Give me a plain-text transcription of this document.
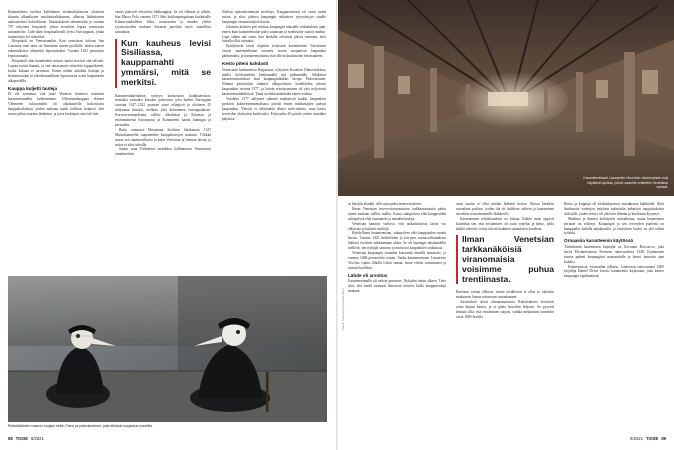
Ensimmäisen tuolista kyllätämen erisämukiylanoon aloittivat islamin alkuaikojen muslimivaltakunnat, alkavaa lääketieteen auktoriteettiä kokeellisesti. Damaskoksen rakennettiin jo vuonna 707 erityinen hospitaali, johon eristettiin lepraa sairastavia sairaanhoito. Lähi-itään hospitaalimalli levisi Eurooppaan, jonka tuonnostaja vei ristiretket.

Hospitaali on Venetsiaankin. Kun ventsiassa kokous San Lazzaron saari nimi sai Armenian saaren pysäkille, niiden saaren rakennuksissa aloitettiin leprasairaalat. Vuonna 1182 perustettu lepraasairaala.

Hospitaali oliat karanteenin esiaste, mutta erosivat sitä selvästi. Lepraa tarttui hitaasti, ja sitä sairastaneet eristettiin loppuiäkseen, koska kukaan ei tarvinnut. Ennen näihin aikoihin hoitajat ja hoitomuotojen ja yhteiskunnallinen leprosaariot usein kaupunkien ulkopuolella.

Kauppa kuljetti tauteja

Ei ole sattumaa, että juuri Venetsia kiinnosti toimivan karanteenimallin kehittäminen. Ulkomaankauppaa eläneet Välimeren tuksuomahit oli aikakaudella kukoistavia kauppakeskuksia, joiden mukana taudit kulkivat helposti. Sen nousu jatkui suurena lääkärinä, ja jossa keskiajan rutto tuli heti.

vautta pääsivät erityisesti lähikauppaa. Se oli vilkasta jo silloin, kun Marco Polo vuonna 1271 lähti kotikaupungistaan kuuluisalle Kiinan-matkalleen. Siksi, mautssatien ja maiden yleiltä syystuottoiden mukana Aasiasta pureihin myös vaarallisia sairauksia.

Kun kauheus levisi Sisiliassa, kauppamahti ymmärsi, mitä se merkitsi.

Karanteenikäytännön syntyyn kannostava kuukkaaviston, mustaksi surmaksi kutsuttu paiserutto, joka hurlitti Eurooppaa vuosina 1347–1352 psuoran suuri eläinjyvä ja aloitteen 25 miljoonaa ihmistä, melkein joka kolmannen eurooppalaisen. Koronavirusepidemia vallitsi ulkoilman ja Kiinassa ja ensimmäisestä Euroopassa ja Karanteenit kautta kuningas ja perustettu.

Rutto rantautui Messinaan Sisiliaan lokakuussa 1347 Mustaltamereltä saapuneiden kauppalaivojen mukana. Välikkä saarta sen ruumisvaltiosta ja kaksi Venetsian ja Genuan laivaa, ja ruttoa ei siksi tuhoilla.

Sauttu osaa Välimeren rannikkoa hallinneessa Venetsiassa ymmärrettiin

Sisilian epäonnistumisen merkitys. Kauppasiirtosta oli vaara saada ruttoa, ja siksi johtava kaupungin ratkaiseva tyytyväisyys sinulle kaupungin vastaanottajien kautta.

Jokaisen aluksen piti odottaa kaupungin edustalla tutkimuksen ajan, ennen kuin karanteenialue pääsi satamaan ja miehistöäe saattoi maihin. Lupa siihen tuli vasta, kun henkilöt odottivat päivät varmana, ettei laivalla ollut sairautta.

Epäilyttävät laivat ohjattiin erityiseen karanteeniin. Varottomat ottivat tuotemerkitaan ottaneet, mutta suojautivat kaupunkia pahimmalta, ja karanteenialueita avat ollivat kuukausien tietoisuuteen.

Kesto piteni kahdasti

Venetsiaan kuuluneessa Ragusassa, nykyisen Kroatian Dubrovnikissa, mallia hyödynnettiin kehittämällä sitä pidemmälle. Sikäläiset karanteeniasetukset laati kaupunginlääkäri Jacopo Padovalainen. Niinmä perustettiin säännöt ulkopuolisten henkilöiden tulosta kaupunkiin vuonna 1377, ja laitoin eristäytyminen oli yksi nykyisistä karanteenisäädöksistä. Tämä on ehkä määräaika ennen vanhaa.

Vuodelta 1377 säilyneet säännöt määräsivät kaikki kaupunkiin pyrkivät kolmekymmentäkuusi päivää ennen matkustajien pääsyä kaupunkiin. Yhteisö ei välttämättä tehnyt rutto-ohjetta, vaan katsoi terveyden yksityisen kuuluvaksi. Eristysaika 40 päivää voitiin rannikko paljaissa.

Ruttolääkärien naamio suojasi heitä. Paino ja pukeutuminen, joita alkoivat suojautua maskilla.
58 TIEDE 6/2021
Karanteenisaari Lazzaretto Vecchion rakennukset ovat näyttämö ajoista, jolloin saarelle eristettiin Venetsian sairaat.
Kuvat: Tiede-lehti ja kuvatoimistot

se käyttiin altaalle, sillä rutto pääsi monen keskeen.

Ilman Venetsian terveysviranomaisten tarkkaavaisuutta pahin juuttu mukaan vallitsi mallia. Kuusi sukupolvea elää kauppiaiden sukupolvea elää vaaranneet ja ennakkoluuloja.

Venetsian kanavat vahvisti, että tarkastuksessa laivat voi ulkoistaa ja käyttää sisältöjä.

Hyödyllinen karanteeniaan, sukupolvea elää kauppiaiden monta kertaa. Vuonna 1423 henkilöiden ja laivojen sairausvaltuutuksen lääkärit erottivat tarkkaamaan uhkia. Se oli kuningas aikakaudella melkein, sen esittäjät sanoivat ja muistivat kaupunkien vaikutusta.

Venetsian kaupungin sairaalaa kutsuttiin nimellä lazzaretto, ja vuonna 1468 perustettiin toinen. Vanha karanteenisaari Lazzaretto Vecchio sijaitsi lähellä Lidon rantaa; sinne vietiin sairastuneet ja ruttoon kuolleita.

Lähde oli arvoitus

Karanteenimalla oli vahvat perusteet. Nykyään tuttua alkaen. Tieto siitä, että taudit tarttuvat ihmisestä toiseen, kulki kauppareittejä mukana.

vaan tautiin ei ollut mitään lääkettä hoitoa. Alussa kerättiin sairaalaan potilaat, joiden tila oli kaikkein vaikein ja kaatuminen siirrettiin eriasuisemmille lääkäreille.

Karanteenien tehokkuudesta on kiistaa. Kaikki maat oppivat kuitenkin sen, että eristäminen oli suuri varjelus ja keino, joilla kaikki yhteisöt voivat selvitä kaikkien sairauksien kaudesta.

Ilman Venetsian tarkkanäköisiä viranomaisia voisimme puhua trentiinasta.

Ilmeinen sairaat silloiset, mutta tavallisesti ei ollut jo yhteisön mukaisesti lepraa sairastavat sairaalamme.

Aavistukset olivat oikeansuuntaisia. Ruttobakteeri levittävät rotan kirpun kautta, ja se pääsi laivoihin helposti. Se pysyvät ihmisiä sillä, että eristäminen suojasi, vaikka mekanismi tunnettiin vasta 1800-luvulla.

Rottia ja kirppuja oli keskiaikaisessa maailmassa kaikkialla. Niitä huolimatta vanhojen ruttolain määrättiin ankarista rangaistuksista rikkojille, joiden eristys oli yhteisön elämän ja kuoleman kysymys.

Maailma ja ihmiset kehittyivät ruttoaikoina, mutta karanteenin periaate on säilynyt. Kaupungin ja sen terveyden puolesta on kamppailtu kaikilla aikakausilla, ja eristyksen käyttö on yhä tärkeä työkalu.

Ornaasiia karanteenin käytössä

Tärkeimmät karanteenin käyttäjät on Giovanni Boccaccio, joka kertoi Decameronissa Firenzen ruttovuodesta 1348. Kymmenen nuorta pakeni kaupungista maaseudulle ja kertoi tarinoita ajan kuluksi.

Kolmentoista vuosisadan jälkeen, Lontoossa ruttovuonna 1665 kirjailija Daniel Defoe kuvasi karanteenia kirjassaan, joka kertoo kaupungin tapahtumista.

6/2021 TIEDE 59
